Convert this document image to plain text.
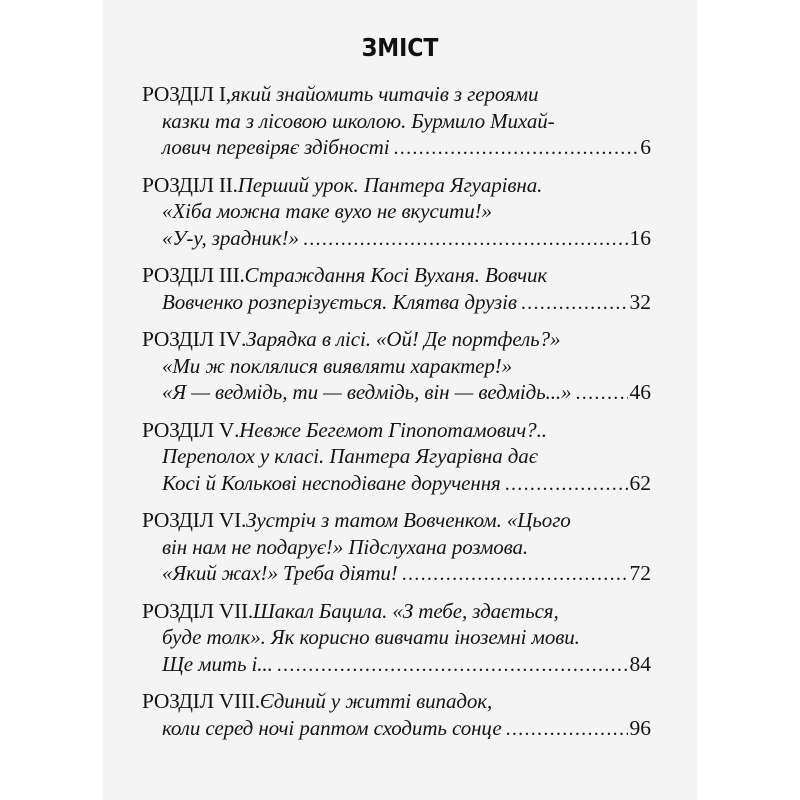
ЗМІСТ
РОЗДІЛ І , який знайомить читачів з героями
казки та з лісовою школою. Бурмило Михай-
лович перевіряє здібності .....	6
РОЗДІЛ ІІ . Перший урок. Пантера Ягуарівна.
«Хіба можна таке вухо не вкусити!»
«У-у, зрадник!» .....	16
РОЗДІЛ ІІІ . Страждання Косі Вуханя. Вовчик
Вовченко розперізується. Клятва друзів .....	32
РОЗДІЛ IV . Зарядка в лісі. «Ой! Де портфель?»
«Ми ж поклялися виявляти характер!»
«Я — ведмідь, ти — ведмідь, він — ведмідь...» .....	46
РОЗДІЛ V . Невже Бегемот Гіпопотамович?..
Переполох у класі. Пантера Ягуарівна дає
Косі й Колькові несподіване доручення .....	62
РОЗДІЛ VI . Зустріч з татом Вовченком. «Цього
він нам не подарує!» Підслухана розмова.
«Який жах!» Треба діяти! .....	72
РОЗДІЛ VII . Шакал Бацила. «З тебе, здається,
буде толк». Як корисно вивчати іноземні мови.
Ще мить і... .....	84
РОЗДІЛ VIII . Єдиний у житті випадок,
коли серед ночі раптом сходить сонце .....	96
